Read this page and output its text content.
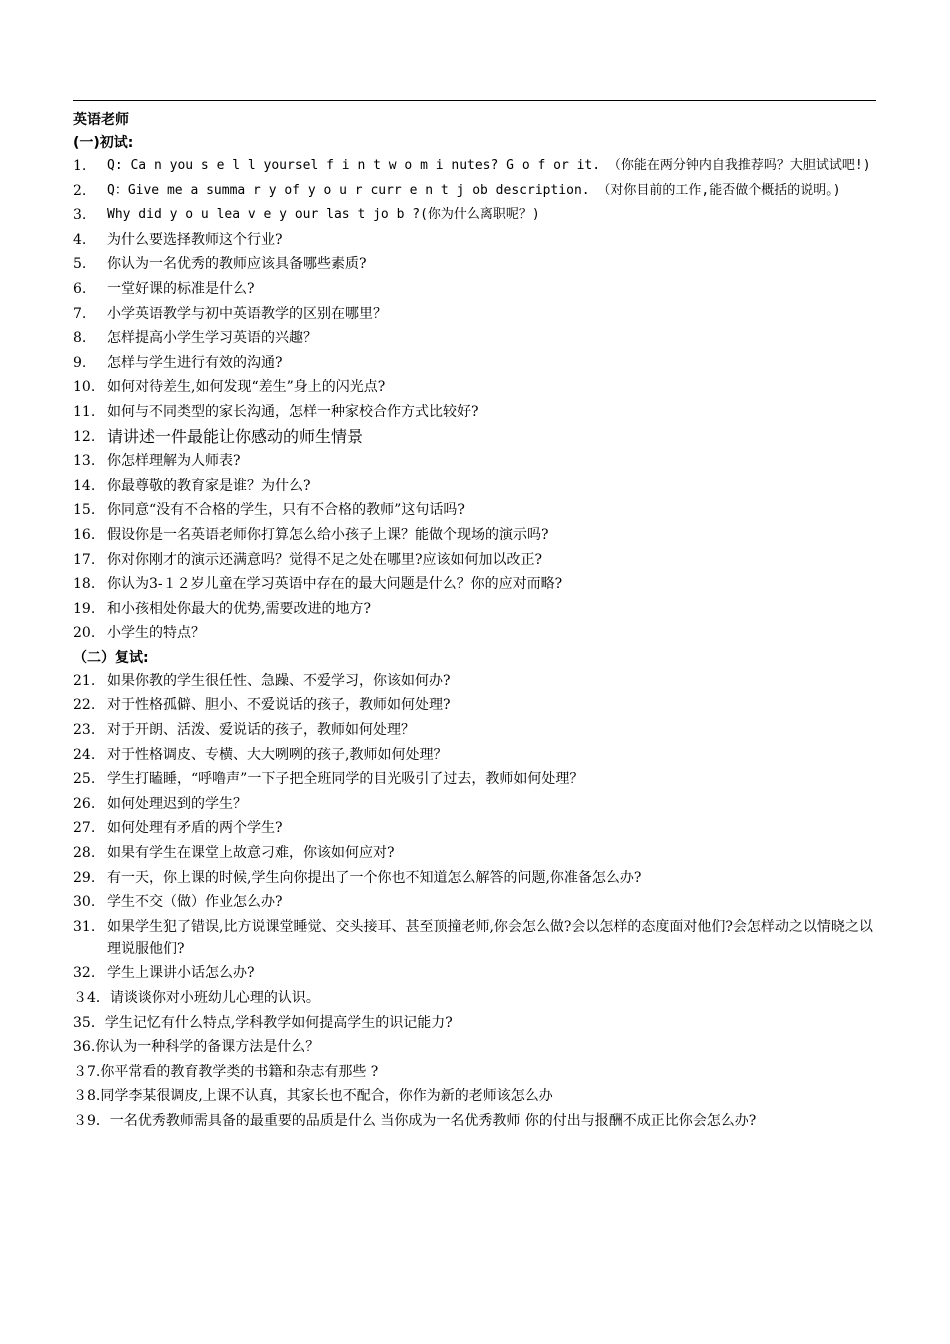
英语老师
(一)初试:
1.	Q: Ca n you s e l l yoursel f i n t w o m i nutes? G o f or it. （你能在两分钟内自我推荐吗？大胆试试吧!)
2.	Q：Give me a summa r y of y o u r curr e n t j ob description. （对你目前的工作,能否做个概括的说明。)
3.	Why did y o u lea v e y our las t jo b ?(你为什么离职呢？)
4.	为什么要选择教师这个行业?
5.	你认为一名优秀的教师应该具备哪些素质?
6.	一堂好课的标准是什么?
7.	小学英语教学与初中英语教学的区别在哪里？
8.	怎样提高小学生学习英语的兴趣？
9.	怎样与学生进行有效的沟通?
10. 如何对待差生,如何发现“差生”身上的闪光点?
11. 如何与不同类型的家长沟通，怎样一种家校合作方式比较好?
12. 请讲述一件最能让你感动的师生情景
13. 你怎样理解为人师表?
14. 你最尊敬的教育家是谁？为什么?
15. 你同意“没有不合格的学生，只有不合格的教师”这句话吗?
16. 假设你是一名英语老师你打算怎么给小孩子上课？能做个现场的演示吗?
17. 你对你刚才的演示还满意吗？觉得不足之处在哪里?应该如何加以改正?
18. 你认为3-１２岁儿童在学习英语中存在的最大问题是什么？你的应对而略?
19. 和小孩相处你最大的优势,需要改进的地方?
20. 小学生的特点？
（二）复试:
21. 如果你教的学生很任性、急躁、不爱学习，你该如何办?
22. 对于性格孤僻、胆小、不爱说话的孩子，教师如何处理?
23. 对于开朗、活泼、爱说话的孩子，教师如何处理？
24. 对于性格调皮、专横、大大咧咧的孩子,教师如何处理？
25. 学生打瞌睡，“呼噜声”一下子把全班同学的目光吸引了过去，教师如何处理？
26. 如何处理迟到的学生？
27. 如何处理有矛盾的两个学生?
28. 如果有学生在课堂上故意刁难，你该如何应对?
29. 有一天，你上课的时候,学生向你提出了一个你也不知道怎么解答的问题,你准备怎么办?
30. 学生不交（做）作业怎么办?
31. 如果学生犯了错误,比方说课堂睡觉、交头接耳、甚至顶撞老师,你会怎么做?会以怎样的态度面对他们?会怎样动之以情晓之以理说服他们?
32. 学生上课讲小话怎么办?
３4．请谈谈你对小班幼儿心理的认识。
35．学生记忆有什么特点,学科教学如何提高学生的识记能力?
36.你认为一种科学的备课方法是什么？
３7.你平常看的教育教学类的书籍和杂志有那些 ?
３8.同学李某很调皮,上课不认真，其家长也不配合，你作为新的老师该怎么办
３9．一名优秀教师需具备的最重要的品质是什么 当你成为一名优秀教师 你的付出与报酬不成正比你会怎么办?
